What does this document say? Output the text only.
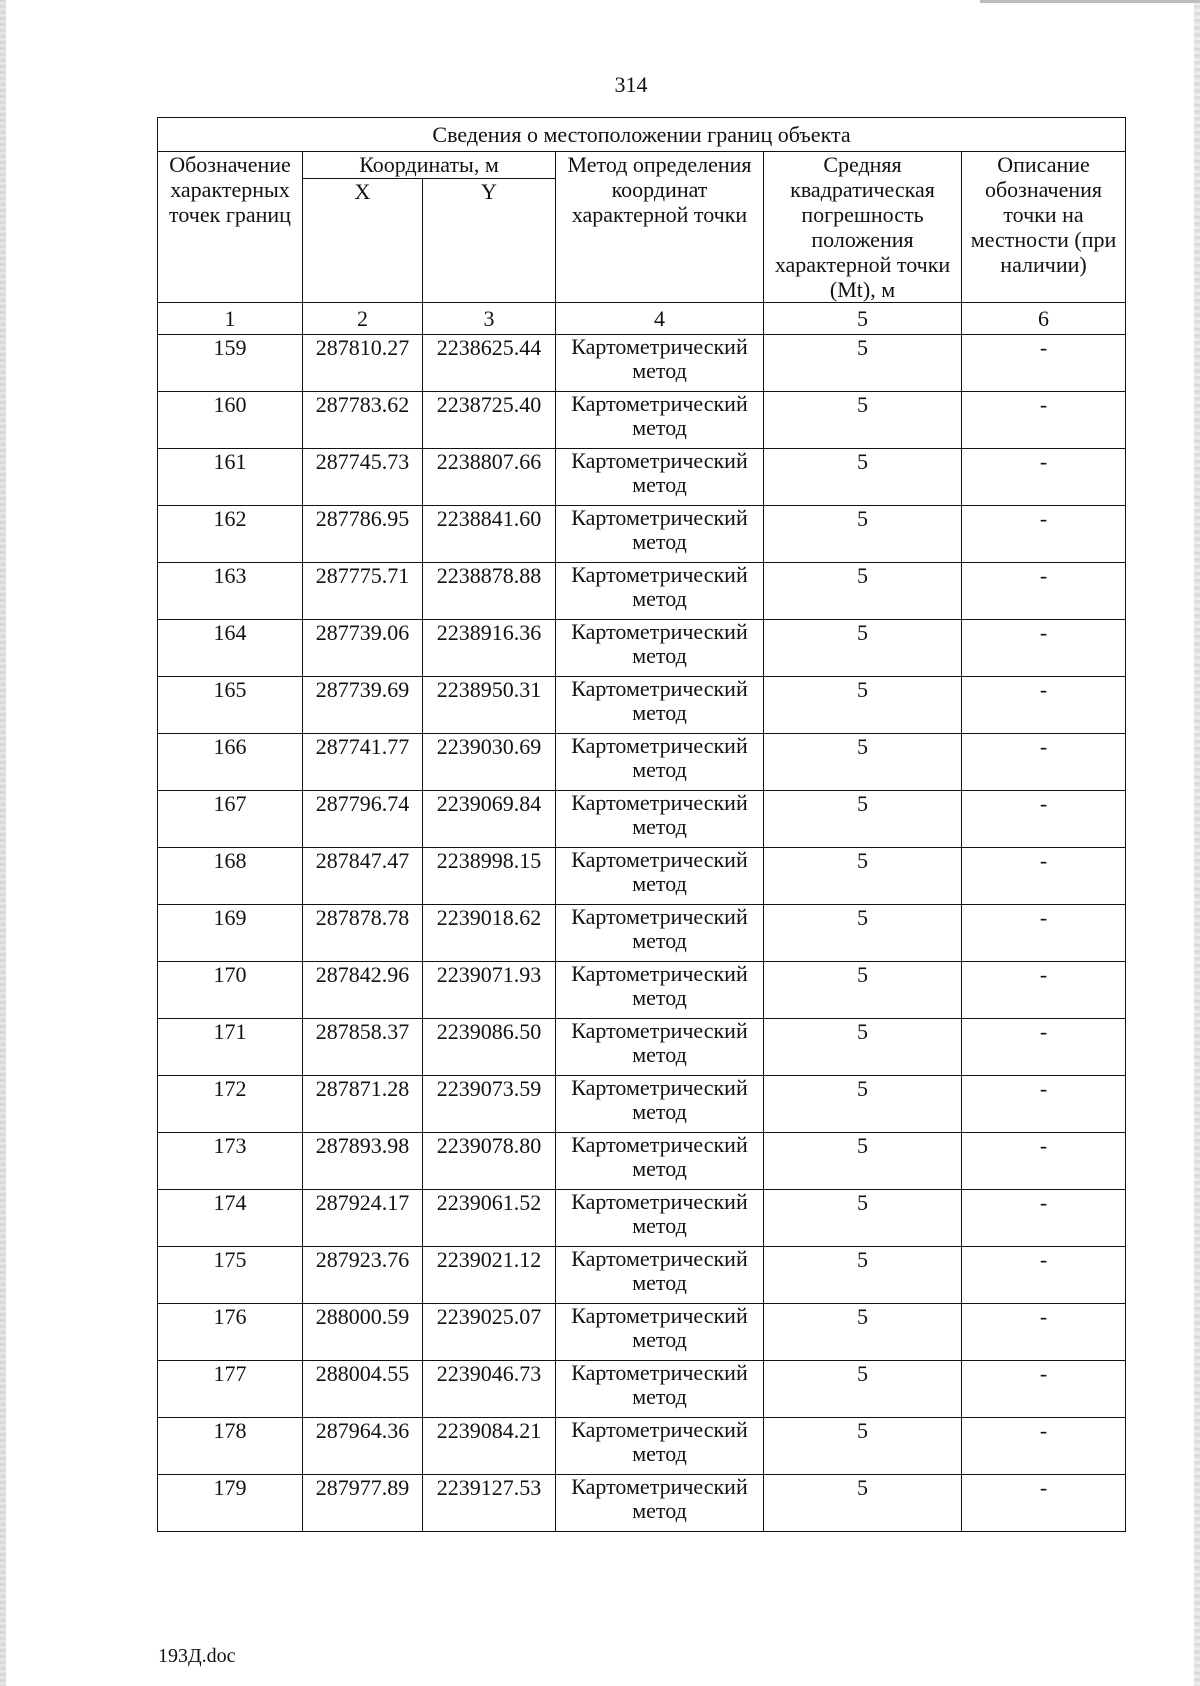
314
Сведения о местоположении границ объекта					
Обозначение характерных точек границ	Координаты, м		Метод определения координат характерной точки	Средняя квадратическая погрешность положения характерной точки (Mt), м	Описание обозначения точки на местности (при наличии)
	X	Y			
1	2	3	4	5	6
159	287810.27	2238625.44	Картометрический метод	5	-
160	287783.62	2238725.40	Картометрический метод	5	-
161	287745.73	2238807.66	Картометрический метод	5	-
162	287786.95	2238841.60	Картометрический метод	5	-
163	287775.71	2238878.88	Картометрический метод	5	-
164	287739.06	2238916.36	Картометрический метод	5	-
165	287739.69	2238950.31	Картометрический метод	5	-
166	287741.77	2239030.69	Картометрический метод	5	-
167	287796.74	2239069.84	Картометрический метод	5	-
168	287847.47	2238998.15	Картометрический метод	5	-
169	287878.78	2239018.62	Картометрический метод	5	-
170	287842.96	2239071.93	Картометрический метод	5	-
171	287858.37	2239086.50	Картометрический метод	5	-
172	287871.28	2239073.59	Картометрический метод	5	-
173	287893.98	2239078.80	Картометрический метод	5	-
174	287924.17	2239061.52	Картометрический метод	5	-
175	287923.76	2239021.12	Картометрический метод	5	-
176	288000.59	2239025.07	Картометрический метод	5	-
177	288004.55	2239046.73	Картометрический метод	5	-
178	287964.36	2239084.21	Картометрический метод	5	-
179	287977.89	2239127.53	Картометрический метод	5	-
193Д.doc
